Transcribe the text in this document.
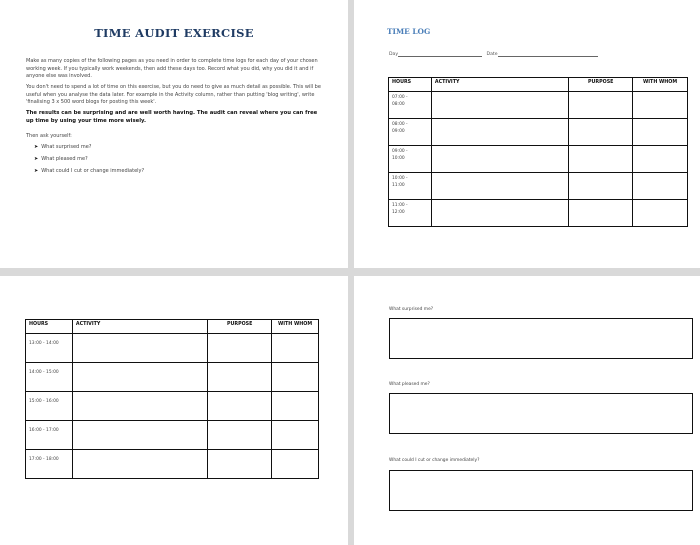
TIME AUDIT EXERCISE

Make as many copies of the following pages as you need in order to complete time logs for each day of your chosen working week. If you typically work weekends, then add these days too. Record what you did, why you did it and if anyone else was involved.

You don't need to spend a lot of time on this exercise, but you do need to give as much detail as possible. This will be useful when you analyse the data later. For example in the Activity column, rather than putting 'blog writing', write 'finalising 3 x 500 word blogs for posting this week'.

The results can be surprising and are well worth having. The audit can reveal where you can free up time by using your time more wisely.

Then ask yourself:

➤ What surprised me?
➤ What pleased me?
➤ What could I cut or change immediately?
TIME LOG
Day	Date
HOURS	ACTIVITY	PURPOSE	WITH WHOM
07:00 -
08:00			
08:00 -
09:00			
09:00 -
10:00			
10:00 -
11:00			
11:00 -
12:00			
HOURS	ACTIVITY	PURPOSE	WITH WHOM
13:00 - 14:00			
14:00 - 15:00			
15:00 - 16:00			
16:00 - 17:00			
17:00 - 18:00			
What surprised me?
What pleased me?
What could I cut or change immediately?
